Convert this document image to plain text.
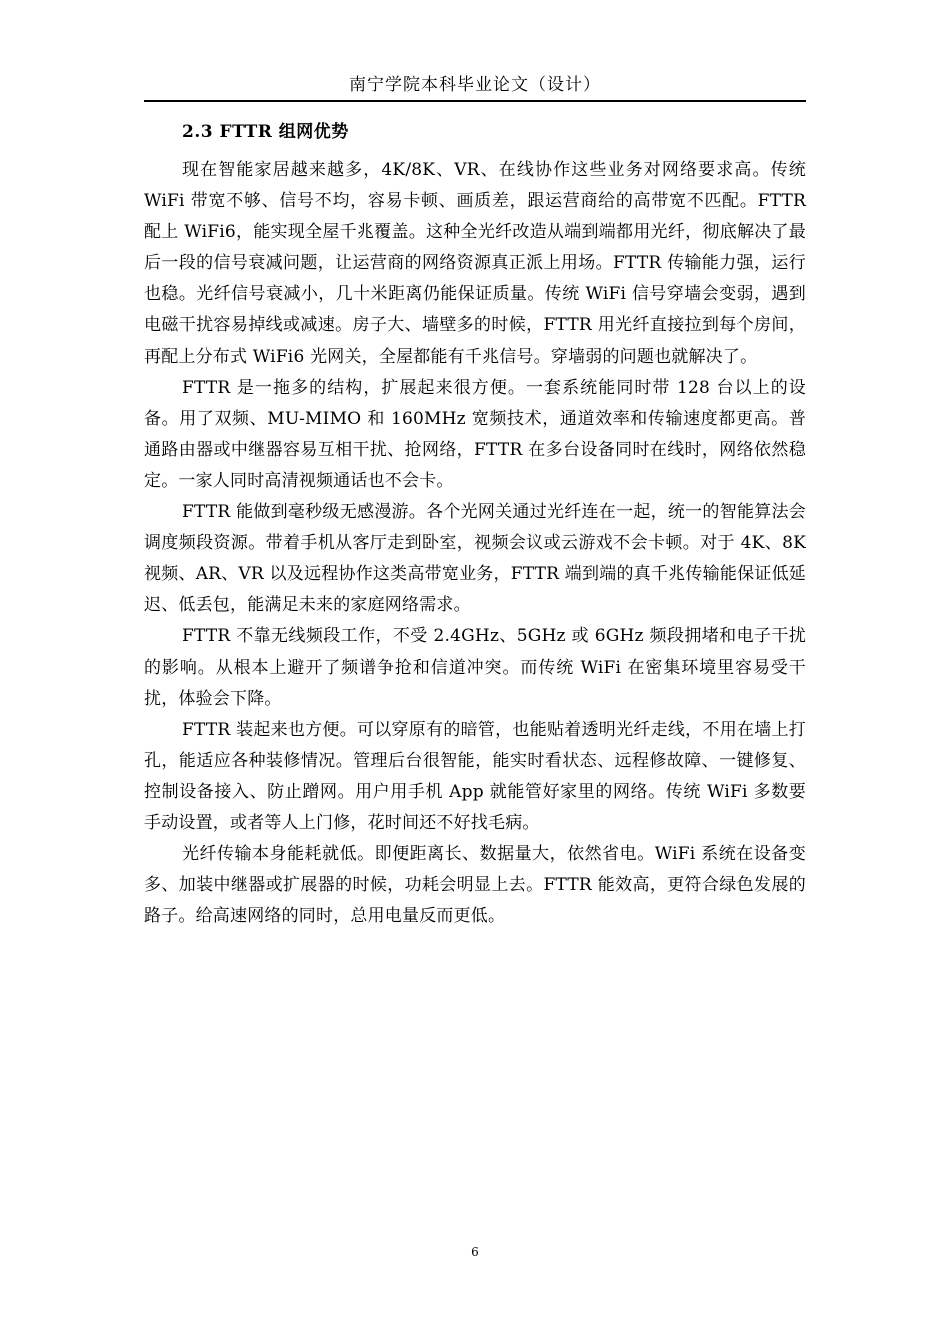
南宁学院本科毕业论文（设计）
2.3 FTTR 组网优势

现在智能家居越来越多，4K/8K、VR、在线协作这些业务对网络要求高。传统 WiFi 带宽不够、信号不均，容易卡顿、画质差，跟运营商给的高带宽不匹配。FTTR 配上 WiFi6，能实现全屋千兆覆盖。这种全光纤改造从端到端都用光纤，彻底解决了最后一段的信号衰减问题，让运营商的网络资源真正派上用场。FTTR 传输能力强，运行也稳。光纤信号衰减小，几十米距离仍能保证质量。传统 WiFi 信号穿墙会变弱，遇到电磁干扰容易掉线或减速。房子大、墙壁多的时候，FTTR 用光纤直接拉到每个房间，再配上分布式 WiFi6 光网关，全屋都能有千兆信号。穿墙弱的问题也就解决了。

FTTR 是一拖多的结构，扩展起来很方便。一套系统能同时带 128 台以上的设备。用了双频、MU-MIMO 和 160MHz 宽频技术，通道效率和传输速度都更高。普通路由器或中继器容易互相干扰、抢网络，FTTR 在多台设备同时在线时，网络依然稳定。一家人同时高清视频通话也不会卡。

FTTR 能做到毫秒级无感漫游。各个光网关通过光纤连在一起，统一的智能算法会调度频段资源。带着手机从客厅走到卧室，视频会议或云游戏不会卡顿。对于 4K、8K 视频、AR、VR 以及远程协作这类高带宽业务，FTTR 端到端的真千兆传输能保证低延迟、低丢包，能满足未来的家庭网络需求。

FTTR 不靠无线频段工作，不受 2.4GHz、5GHz 或 6GHz 频段拥堵和电子干扰的影响。从根本上避开了频谱争抢和信道冲突。而传统 WiFi 在密集环境里容易受干扰，体验会下降。

FTTR 装起来也方便。可以穿原有的暗管，也能贴着透明光纤走线，不用在墙上打孔，能适应各种装修情况。管理后台很智能，能实时看状态、远程修故障、一键修复、控制设备接入、防止蹭网。用户用手机 App 就能管好家里的网络。传统 WiFi 多数要手动设置，或者等人上门修，花时间还不好找毛病。

光纤传输本身能耗就低。即便距离长、数据量大，依然省电。WiFi 系统在设备变多、加装中继器或扩展器的时候，功耗会明显上去。FTTR 能效高，更符合绿色发展的路子。给高速网络的同时，总用电量反而更低。

6
